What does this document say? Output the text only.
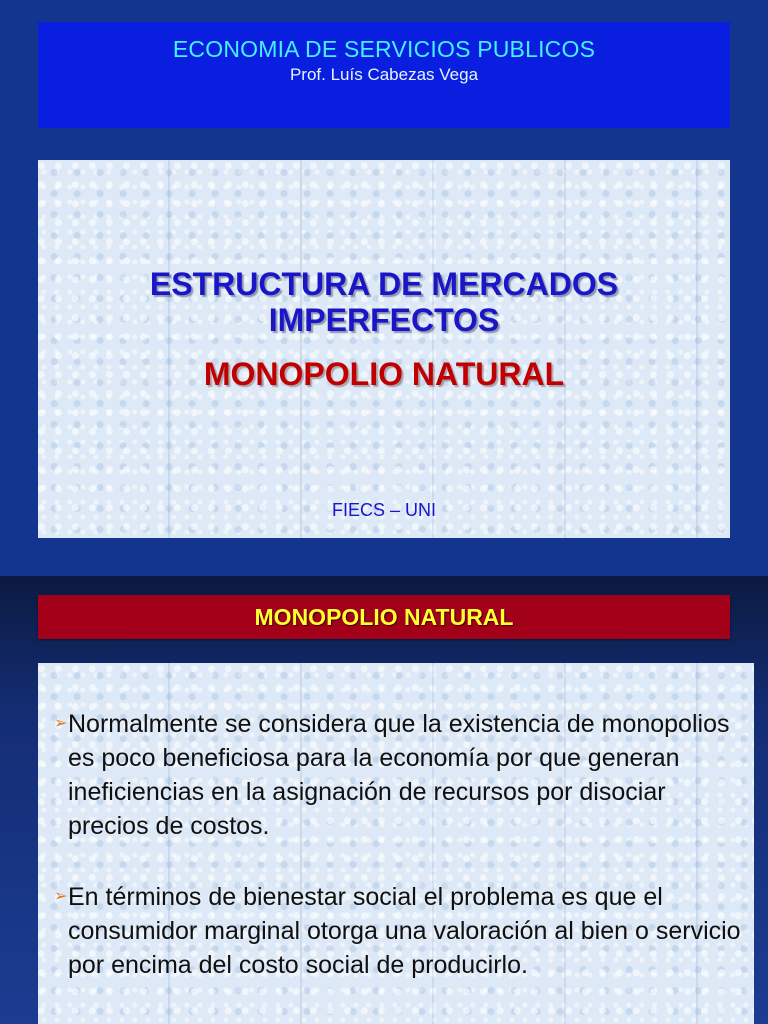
ECONOMIA DE SERVICIOS PUBLICOS
Prof. Luís Cabezas Vega
ESTRUCTURA DE MERCADOS IMPERFECTOS
MONOPOLIO NATURAL
FIECS – UNI
MONOPOLIO NATURAL
➢ Normalmente se considera que la existencia de monopolios es poco beneficiosa para la economía por que generan ineficiencias en la asignación de recursos por disociar precios de costos.
➢ En términos de bienestar social el problema es que el consumidor marginal otorga una valoración al bien o servicio por encima del costo social de producirlo.
